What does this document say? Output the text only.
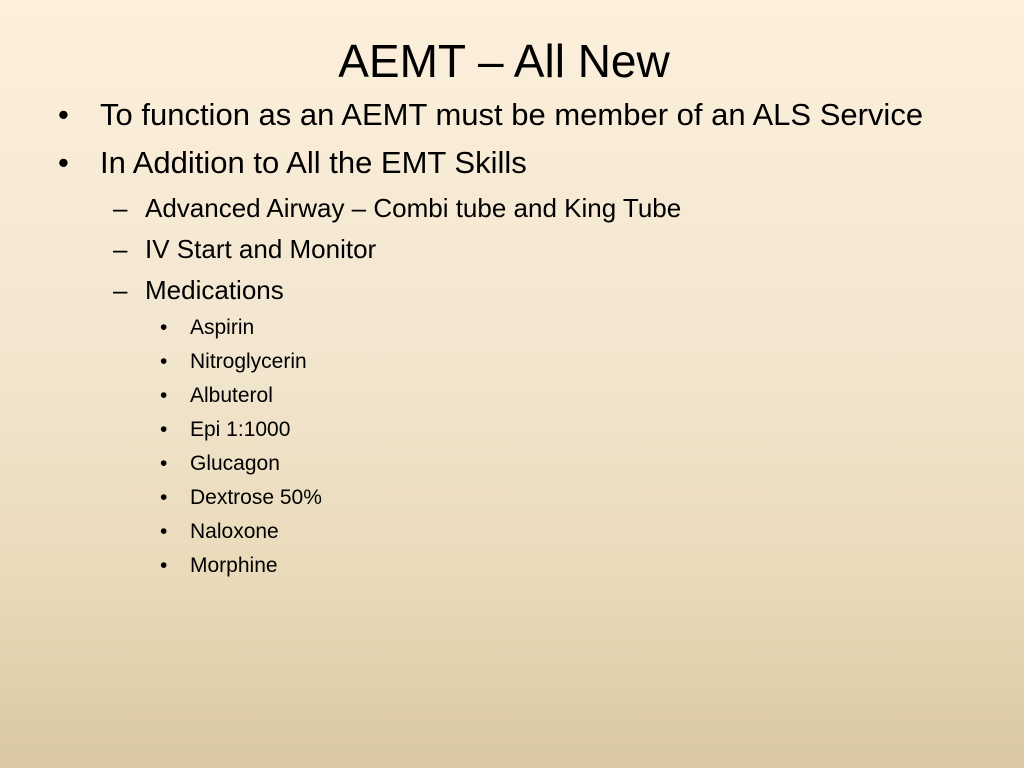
AEMT – All New
• To function as an AEMT must be member of an ALS Service
• In Addition to All the EMT Skills
– Advanced Airway – Combi tube and King Tube
– IV Start and Monitor
– Medications
• Aspirin
• Nitroglycerin
• Albuterol
• Epi 1:1000
• Glucagon
• Dextrose 50%
• Naloxone
• Morphine
